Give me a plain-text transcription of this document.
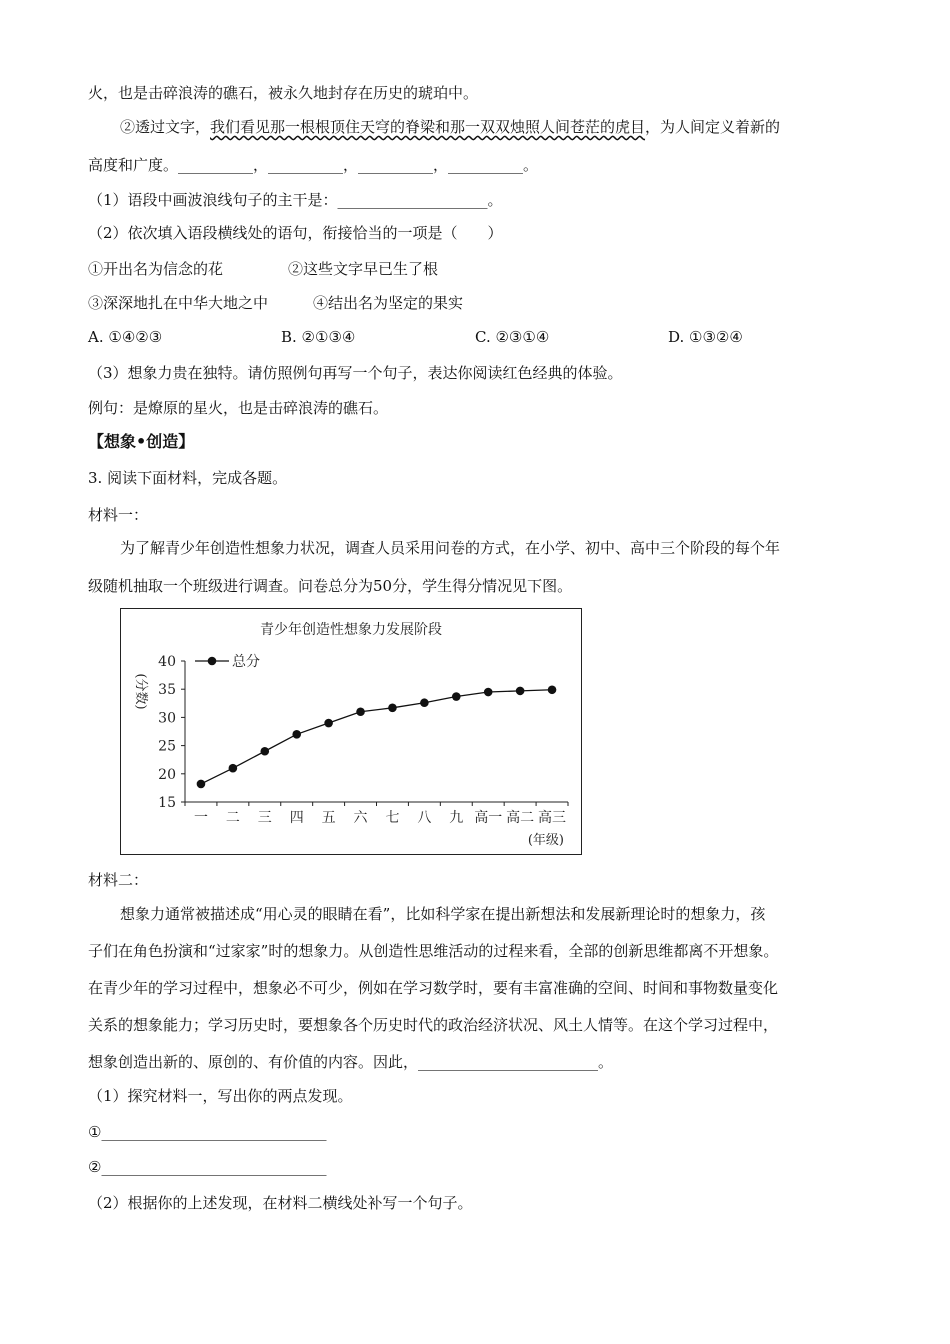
火，也是击碎浪涛的礁石，被永久地封存在历史的琥珀中。
②透过文字，我们看见那一根根顶住天穹的脊梁和那一双双烛照人间苍茫的虎目，为人间定义着新的
高度和广度。__________，__________，__________，__________。
（1）语段中画波浪线句子的主干是：____________________。
（2）依次填入语段横线处的语句，衔接恰当的一项是（　　）
①开出名为信念的花	②这些文字早已生了根
③深深地扎在中华大地之中	④结出名为坚定的果实
A. ①④②③	B. ②①③④	C. ②③①④	D. ①③②④
（3）想象力贵在独特。请仿照例句再写一个句子，表达你阅读红色经典的体验。
例句：是燎原的星火，也是击碎浪涛的礁石。
【想象•创造】
3. 阅读下面材料，完成各题。
材料一：
为了解青少年创造性想象力状况，调查人员采用问卷的方式，在小学、初中、高中三个阶段的每个年
级随机抽取一个班级进行调查。问卷总分为50分，学生得分情况见下图。
青少年创造性想象力发展阶段
15
20
25
30
35
40
一 二 三 四 五 六 七 八 九 高一 高二 高三
(分数)
(年级)
总分
材料二：
想象力通常被描述成“用心灵的眼睛在看”，比如科学家在提出新想法和发展新理论时的想象力，孩
子们在角色扮演和“过家家”时的想象力。从创造性思维活动的过程来看，全部的创新思维都离不开想象。
在青少年的学习过程中，想象必不可少，例如在学习数学时，要有丰富准确的空间、时间和事物数量变化
关系的想象能力；学习历史时，要想象各个历史时代的政治经济状况、风土人情等。在这个学习过程中，
想象创造出新的、原创的、有价值的内容。因此，________________________。
（1）探究材料一，写出你的两点发现。
①______________________________
②______________________________
（2）根据你的上述发现，在材料二横线处补写一个句子。
